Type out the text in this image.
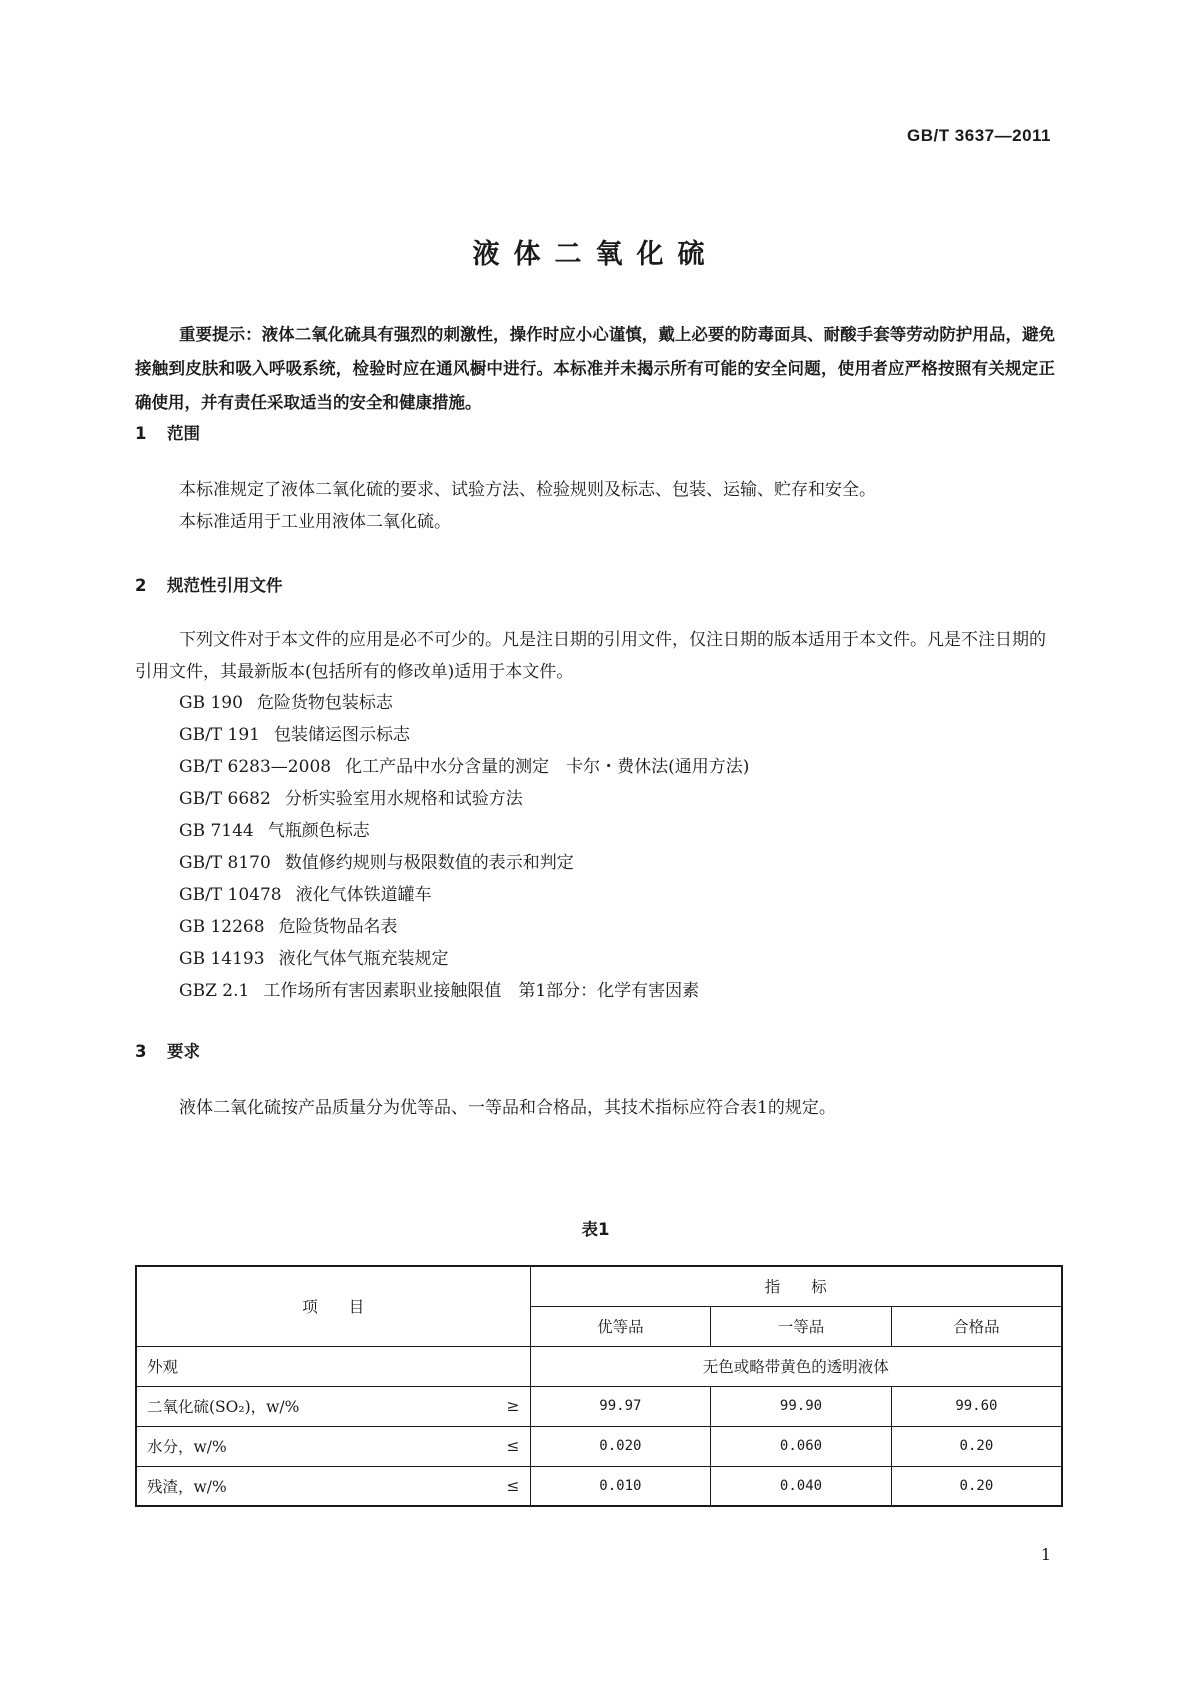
GB/T 3637—2011
液体二氧化硫
重要提示：液体二氧化硫具有强烈的刺激性，操作时应小心谨慎，戴上必要的防毒面具、耐酸手套等劳动防护用品，避免接触到皮肤和吸入呼吸系统，检验时应在通风橱中进行。本标准并未揭示所有可能的安全问题，使用者应严格按照有关规定正确使用，并有责任采取适当的安全和健康措施。
1 范围
本标准规定了液体二氧化硫的要求、试验方法、检验规则及标志、包装、运输、贮存和安全。
本标准适用于工业用液体二氧化硫。
2 规范性引用文件
下列文件对于本文件的应用是必不可少的。凡是注日期的引用文件，仅注日期的版本适用于本文件。凡是不注日期的引用文件，其最新版本(包括所有的修改单)适用于本文件。
GB 190 危险货物包装标志
GB/T 191 包装储运图示标志
GB/T 6283—2008 化工产品中水分含量的测定　卡尔・费休法(通用方法)
GB/T 6682 分析实验室用水规格和试验方法
GB 7144 气瓶颜色标志
GB/T 8170 数值修约规则与极限数值的表示和判定
GB/T 10478 液化气体铁道罐车
GB 12268 危险货物品名表
GB 14193 液化气体气瓶充装规定
GBZ 2.1 工作场所有害因素职业接触限值　第1部分：化学有害因素
3 要求
液体二氧化硫按产品质量分为优等品、一等品和合格品，其技术指标应符合表1的规定。
表1
项　　目	指　　标		
	优等品	一等品	合格品
外观	无色或略带黄色的透明液体		

二氧化硫(SO₂)，w/% ≥	99.97	99.90	99.60

水分，w/% ≤	0.020	0.060	0.20

残渣，w/% ≤	0.010	0.040	0.20
1
